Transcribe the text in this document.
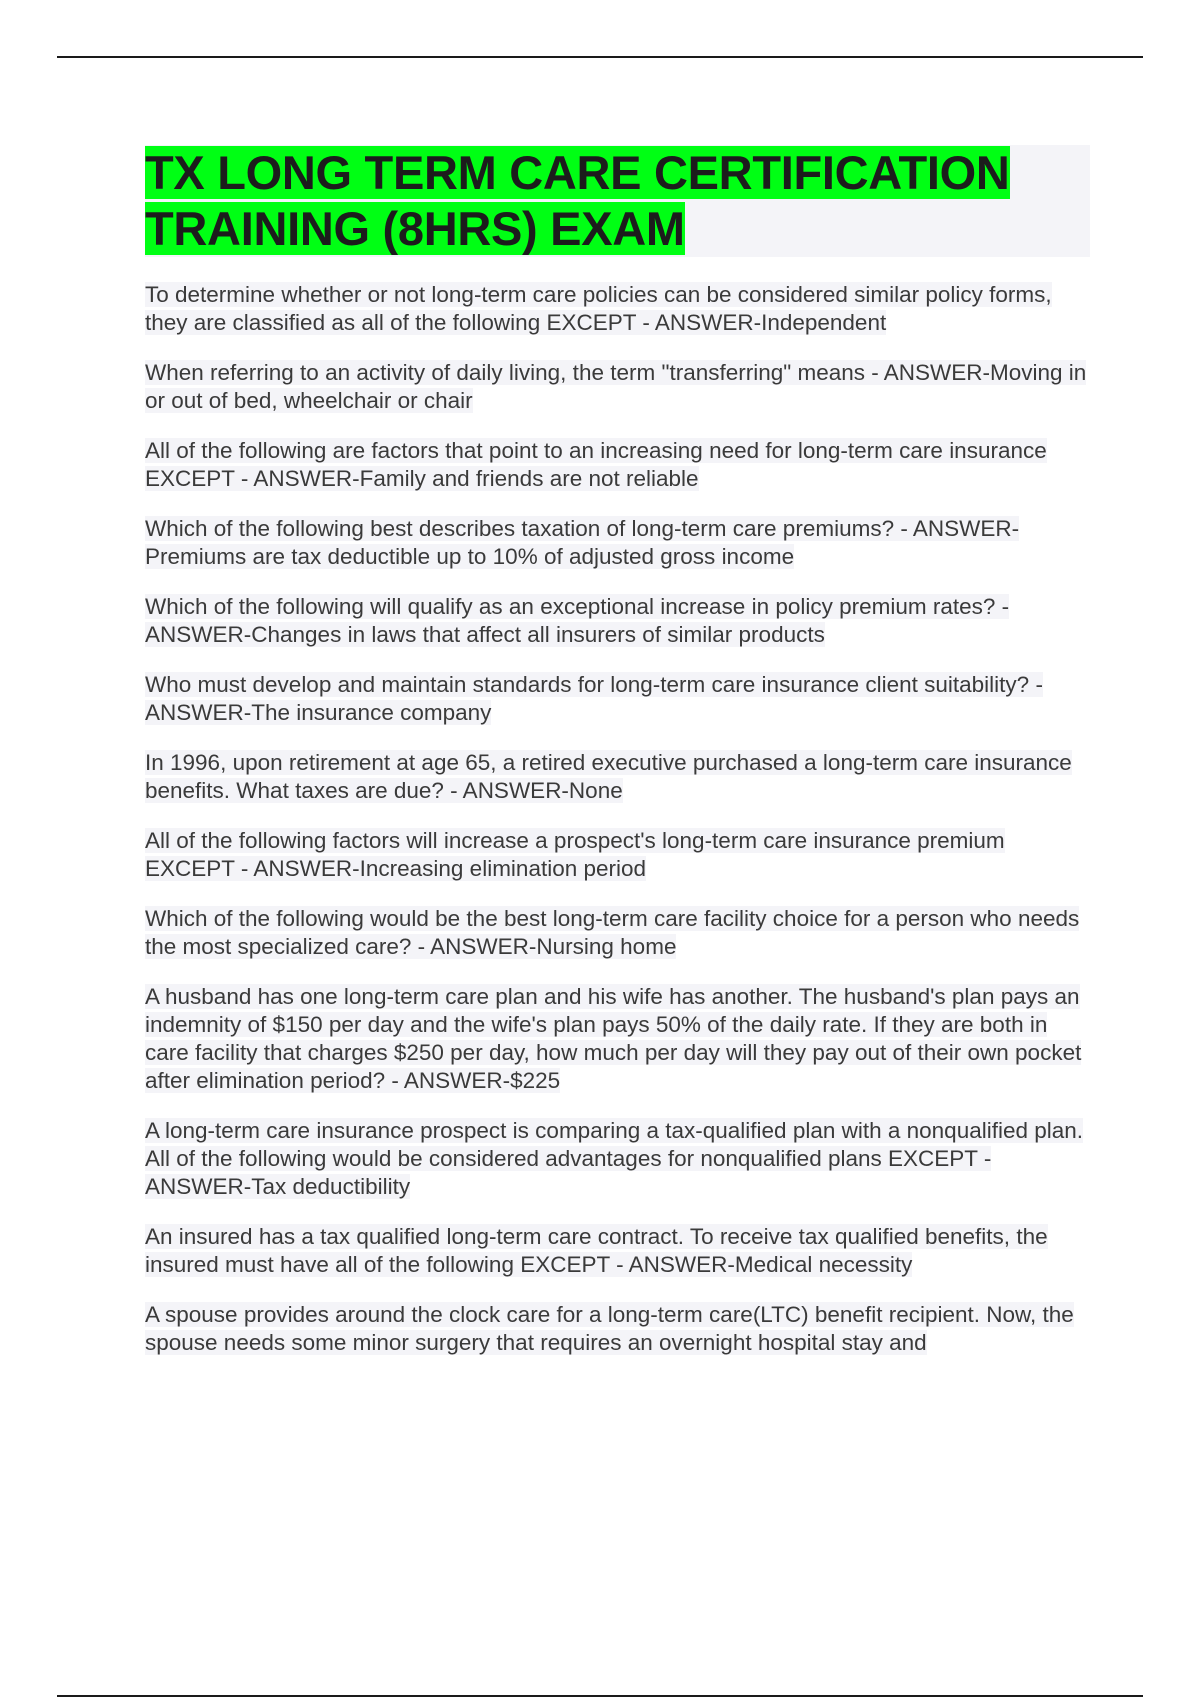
TX LONG TERM CARE CERTIFICATION TRAINING (8HRS) EXAM

To determine whether or not long-term care policies can be considered similar policy forms, they are classified as all of the following EXCEPT - ANSWER-Independent

When referring to an activity of daily living, the term "transferring" means - ANSWER-Moving in or out of bed, wheelchair or chair

All of the following are factors that point to an increasing need for long-term care insurance EXCEPT - ANSWER-Family and friends are not reliable

Which of the following best describes taxation of long-term care premiums? - ANSWER-Premiums are tax deductible up to 10% of adjusted gross income

Which of the following will qualify as an exceptional increase in policy premium rates? - ANSWER-Changes in laws that affect all insurers of similar products

Who must develop and maintain standards for long-term care insurance client suitability? - ANSWER-The insurance company

In 1996, upon retirement at age 65, a retired executive purchased a long-term care insurance benefits. What taxes are due? - ANSWER-None

All of the following factors will increase a prospect's long-term care insurance premium EXCEPT - ANSWER-Increasing elimination period

Which of the following would be the best long-term care facility choice for a person who needs the most specialized care? - ANSWER-Nursing home

A husband has one long-term care plan and his wife has another. The husband's plan pays an indemnity of $150 per day and the wife's plan pays 50% of the daily rate. If they are both in care facility that charges $250 per day, how much per day will they pay out of their own pocket after elimination period? - ANSWER-$225

A long-term care insurance prospect is comparing a tax-qualified plan with a nonqualified plan. All of the following would be considered advantages for nonqualified plans EXCEPT - ANSWER-Tax deductibility

An insured has a tax qualified long-term care contract. To receive tax qualified benefits, the insured must have all of the following EXCEPT - ANSWER-Medical necessity

A spouse provides around the clock care for a long-term care(LTC) benefit recipient. Now, the spouse needs some minor surgery that requires an overnight hospital stay and
